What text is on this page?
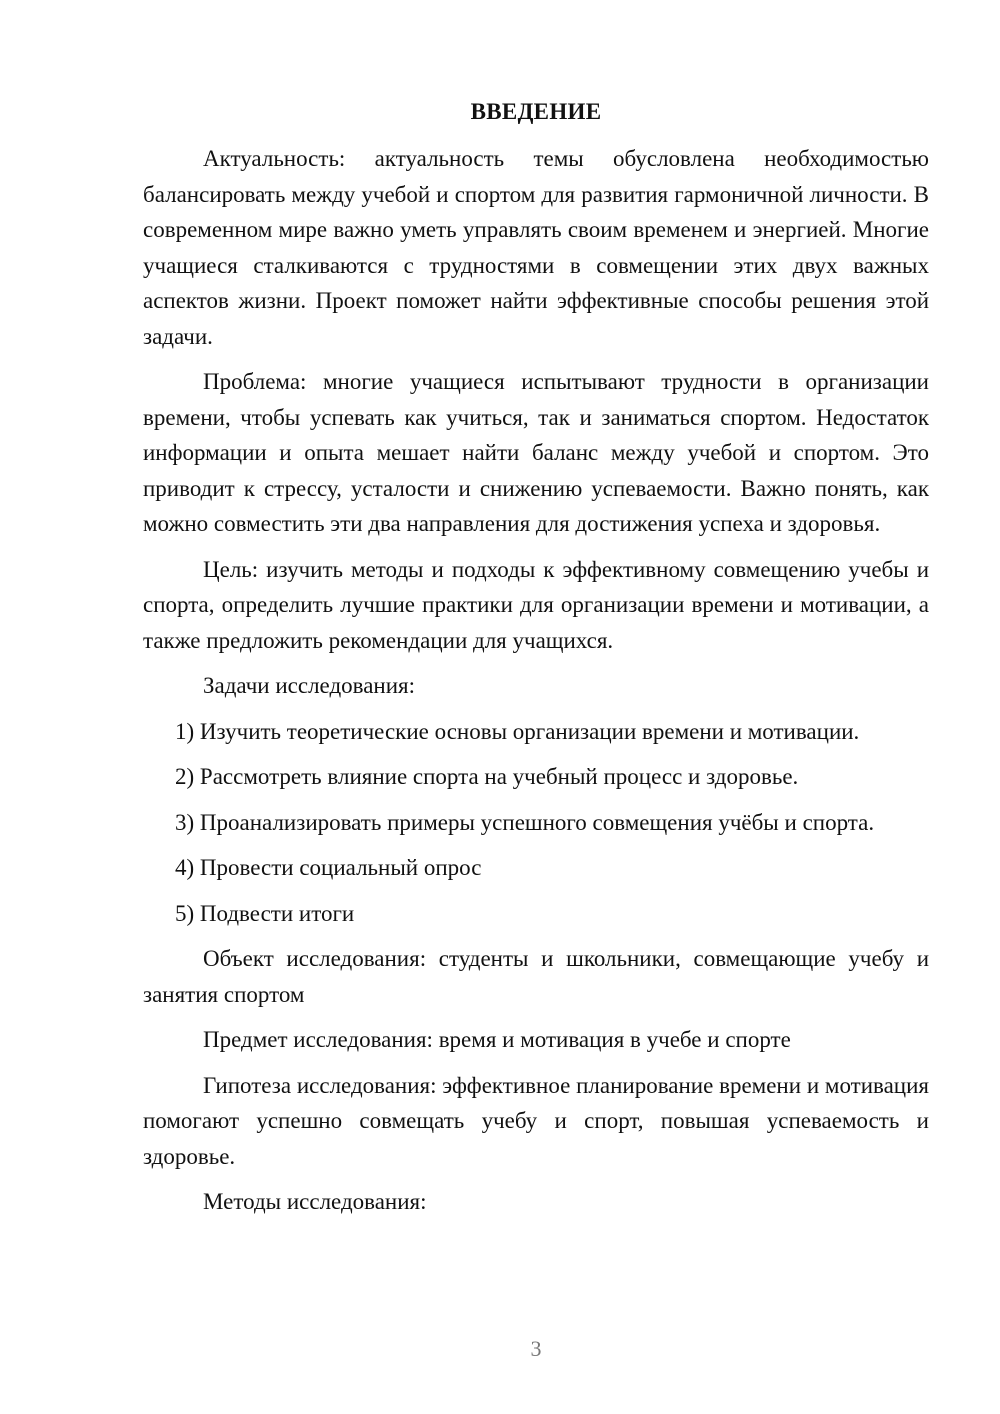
ВВЕДЕНИЕ

Актуальность: актуальность темы обусловлена необходимостью балансировать между учебой и спортом для развития гармоничной личности. В современном мире важно уметь управлять своим временем и энергией. Многие учащиеся сталкиваются с трудностями в совмещении этих двух важных аспектов жизни. Проект поможет найти эффективные способы решения этой задачи.

Проблема: многие учащиеся испытывают трудности в организации времени, чтобы успевать как учиться, так и заниматься спортом. Недостаток информации и опыта мешает найти баланс между учебой и спортом. Это приводит к стрессу, усталости и снижению успеваемости. Важно понять, как можно совместить эти два направления для достижения успеха и здоровья.

Цель: изучить методы и подходы к эффективному совмещению учебы и спорта, определить лучшие практики для организации времени и мотивации, а также предложить рекомендации для учащихся.

Задачи исследования:

1) Изучить теоретические основы организации времени и мотивации.

2) Рассмотреть влияние спорта на учебный процесс и здоровье.

3) Проанализировать примеры успешного совмещения учёбы и спорта.

4) Провести социальный опрос

5) Подвести итоги

Объект исследования: студенты и школьники, совмещающие учебу и занятия спортом

Предмет исследования: время и мотивация в учебе и спорте

Гипотеза исследования: эффективное планирование времени и мотивация помогают успешно совмещать учебу и спорт, повышая успеваемость и здоровье.

Методы исследования:

3
